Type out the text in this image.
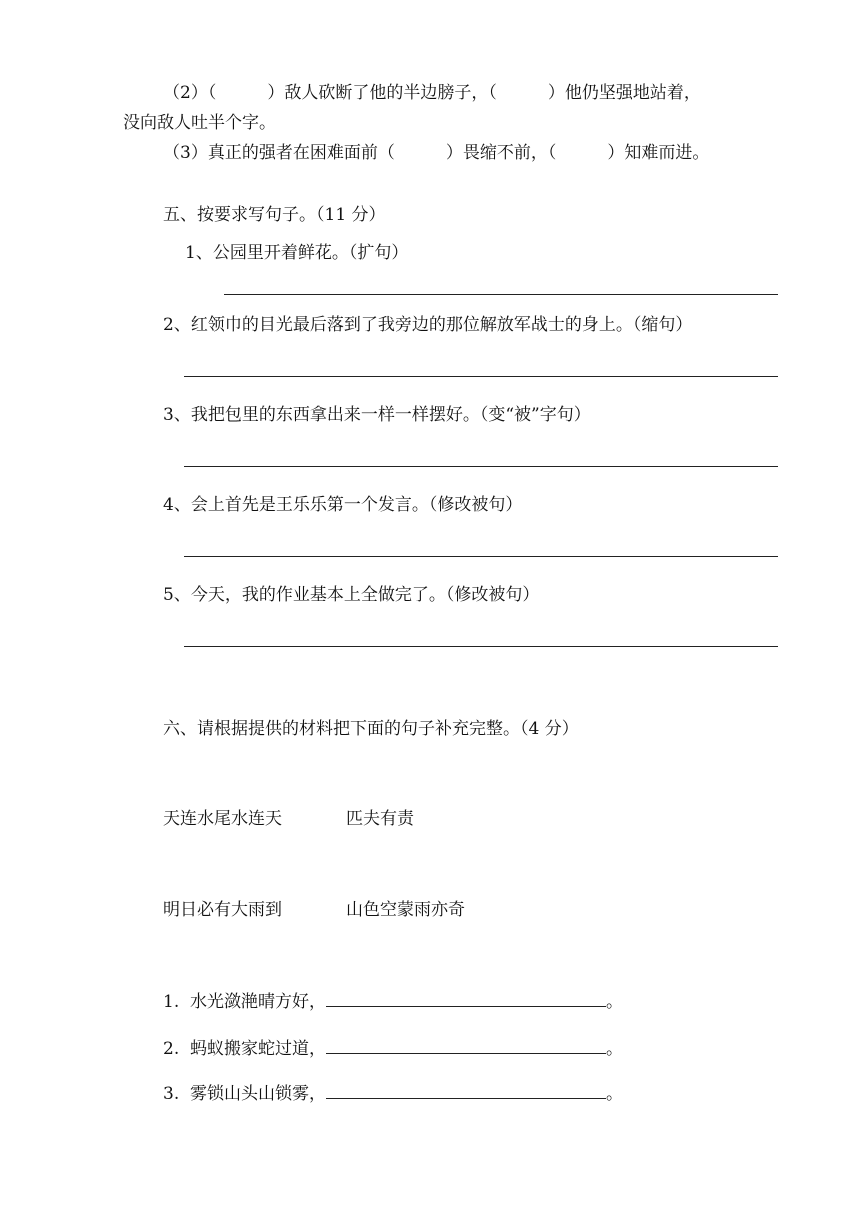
（2）（　　　）敌人砍断了他的半边膀子，（　　　）他仍坚强地站着，
没向敌人吐半个字。
（3）真正的强者在困难面前（　　　）畏缩不前，（　　　）知难而进。
五、按要求写句子。（11 分）
1、公园里开着鲜花。（扩句）
2、红领巾的目光最后落到了我旁边的那位解放军战士的身上。（缩句）
3、我把包里的东西拿出来一样一样摆好。（变“被”字句）
4、会上首先是王乐乐第一个发言。（修改被句）
5、今天，我的作业基本上全做完了。（修改被句）
六、请根据提供的材料把下面的句子补充完整。（4 分）
天连水尾水连天	匹夫有责
明日必有大雨到	山色空蒙雨亦奇
1.  水光潋滟晴方好，	。
2.  蚂蚁搬家蛇过道，	。
3.  雾锁山头山锁雾，	。
